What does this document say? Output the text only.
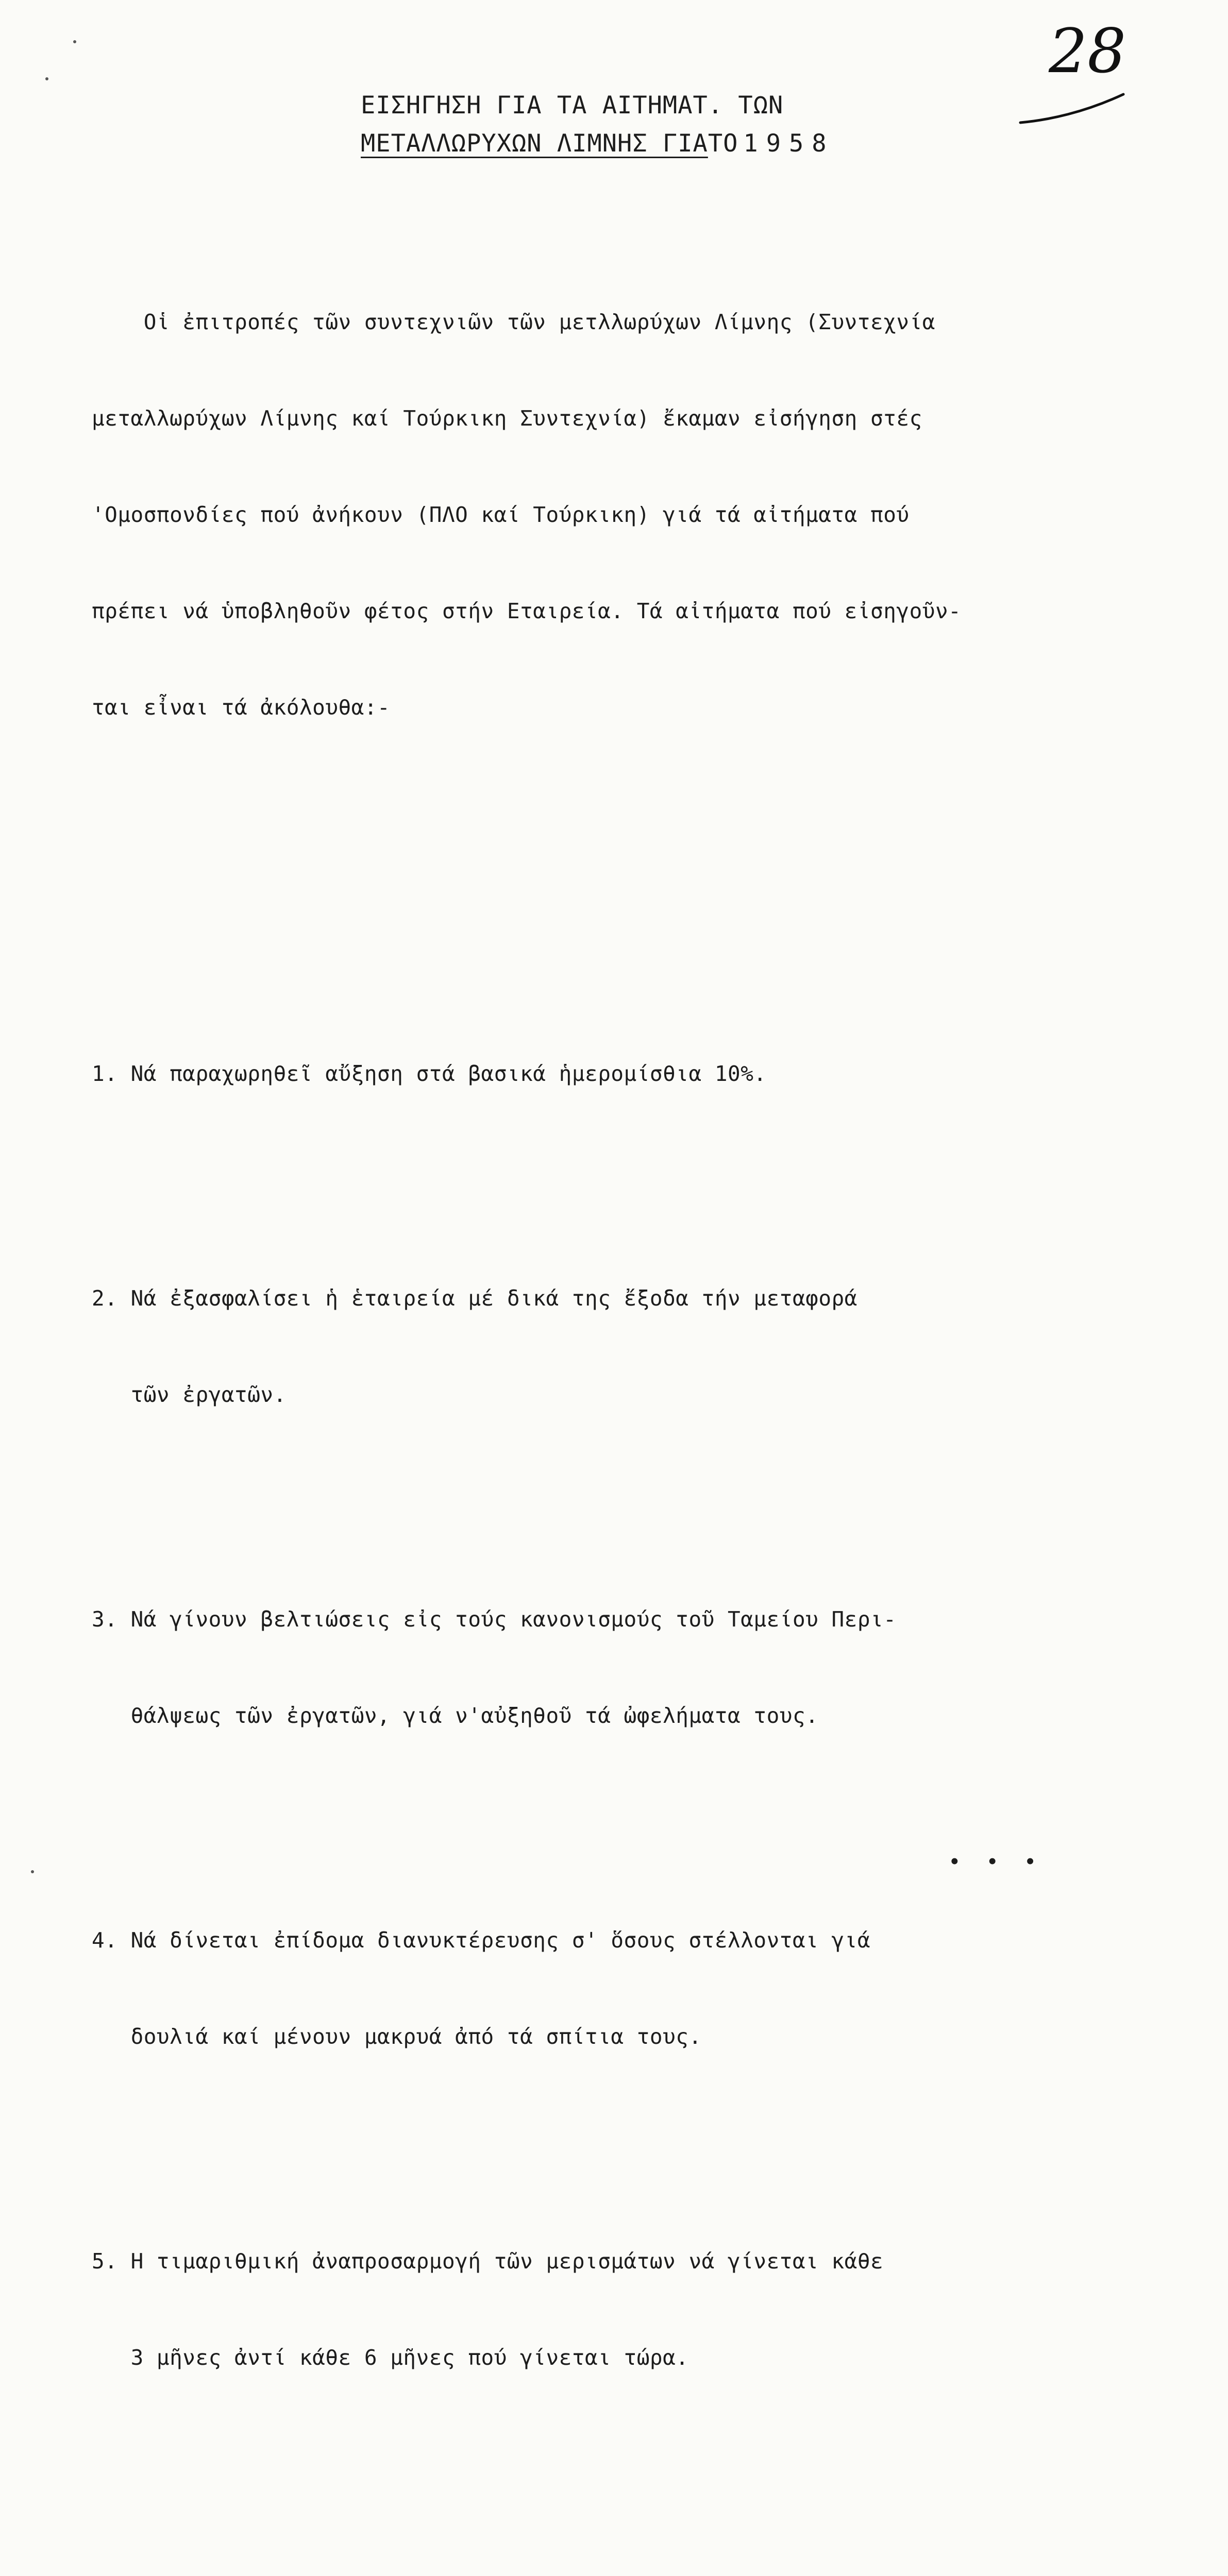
28
ΕΙΣΗΓΗΣΗ ΓΙΑ ΤΑ ΑΙΤΗΜΑΤ. ΤΩΝ
ΜΕΤΑΛΛΩΡΥΧΩΝ ΛΙΜΝΗΣ ΓΙΑΤΟ 1958

Οἱ ἐπιτροπές τῶν συντεχνιῶν τῶν μετλλωρύχων Λίμνης (Συντεχνία

μεταλλωρύχων Λίμνης καί Τούρκικη Συντεχνία) ἔκαμαν εἰσήγηση στές

'Ομοσπονδίες πού ἀνήκουν (ΠΛΟ καί Τούρκικη) γιά τά αἰτήματα πού

πρέπει νά ὑποβληθοῦν φέτος στήν Εταιρεία. Τά αἰτήματα πού εἰσηγοῦν-

ται εἶναι τά ἀκόλουθα:-

1. Νά παραχωρηθεῖ αὔξηση στά βασικά ἡμερομίσθια 10%.

2. Νά ἐξασφαλίσει ἡ ἑταιρεία μέ δικά της ἔξοδα τήν μεταφορά

τῶν ἐργατῶν.

3. Νά γίνουν βελτιώσεις εἰς τούς κανονισμούς τοῦ Ταμείου Περι-

θάλψεως τῶν ἐργατῶν, γιά ν'αὐξηθοῦ τά ὠφελήματα τους.

4. Νά δίνεται ἐπίδομα διανυκτέρευσης σ' ὅσους στέλλονται γιά

δουλιά καί μένουν μακρυά ἀπό τά σπίτια τους.

5. Η τιμαριθμική ἀναπροσαρμογή τῶν μερισμάτων νά γίνεται κάθε

3 μῆνες ἀντί κάθε 6 μῆνες πού γίνεται τώρα.

• • •
